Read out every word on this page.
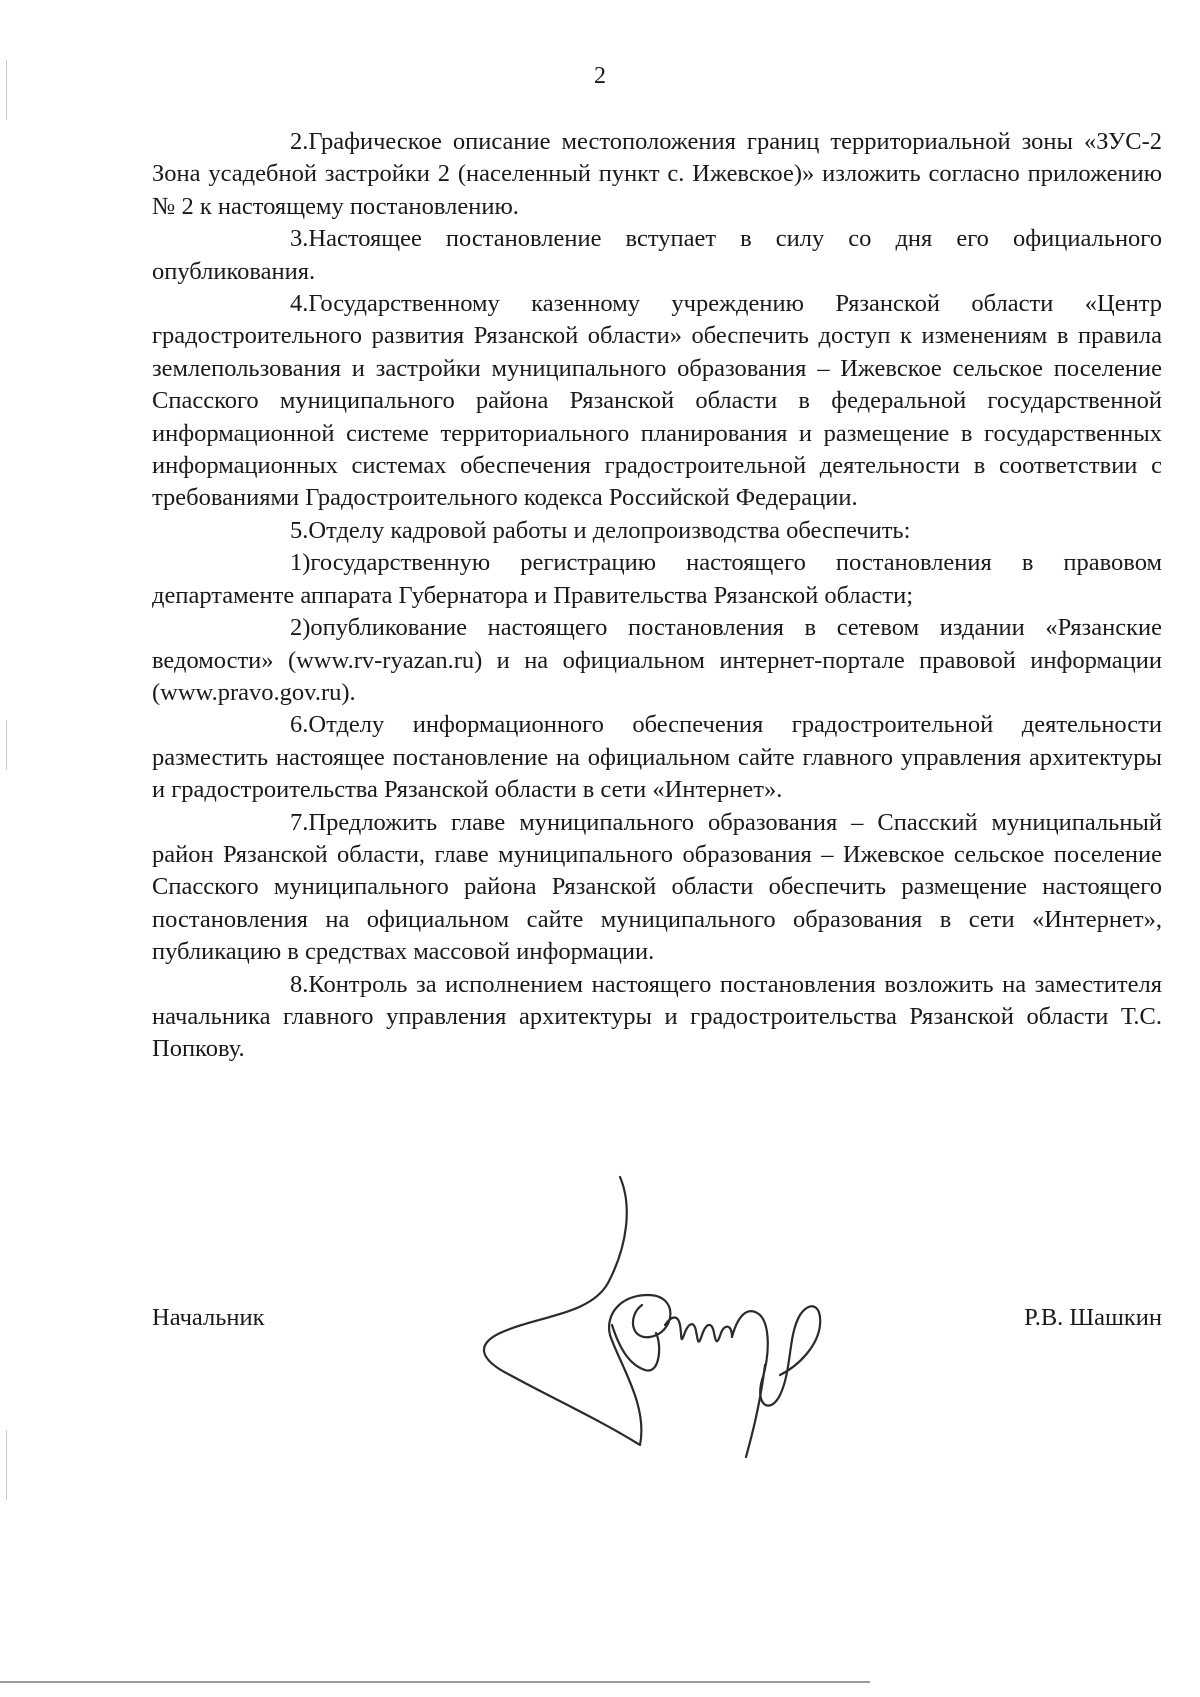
2

2.Графическое описание местоположения границ территориальной зоны «ЗУС-2 Зона усадебной застройки 2 (населенный пункт с. Ижевское)» изложить согласно приложению № 2 к настоящему постановлению.

3.Настоящее постановление вступает в силу со дня его официального опубликования.

4.Государственному казенному учреждению Рязанской области «Центр градостроительного развития Рязанской области» обеспечить доступ к изменениям в правила землепользования и застройки муниципального образования – Ижевское сельское поселение Спасского муниципального района Рязанской области в федеральной государственной информационной системе территориального планирования и размещение в государственных информационных системах обеспечения градостроительной деятельности в соответствии с требованиями Градостроительного кодекса Российской Федерации.

5.Отделу кадровой работы и делопроизводства обеспечить:

1)государственную регистрацию настоящего постановления в правовом департаменте аппарата Губернатора и Правительства Рязанской области;

2)опубликование настоящего постановления в сетевом издании «Рязанские ведомости» (www.rv-ryazan.ru) и на официальном интернет-портале правовой информации (www.pravo.gov.ru).

6.Отделу информационного обеспечения градостроительной деятельности разместить настоящее постановление на официальном сайте главного управления архитектуры и градостроительства Рязанской области в сети «Интернет».

7.Предложить главе муниципального образования – Спасский муниципальный район Рязанской области, главе муниципального образования – Ижевское сельское поселение Спасского муниципального района Рязанской области обеспечить размещение настоящего постановления на официальном сайте муниципального образования в сети «Интернет», публикацию в средствах массовой информации.

8.Контроль за исполнением настоящего постановления возложить на заместителя начальника главного управления архитектуры и градостроительства Рязанской области Т.С. Попкову.

Начальник	Р.В. Шашкин
